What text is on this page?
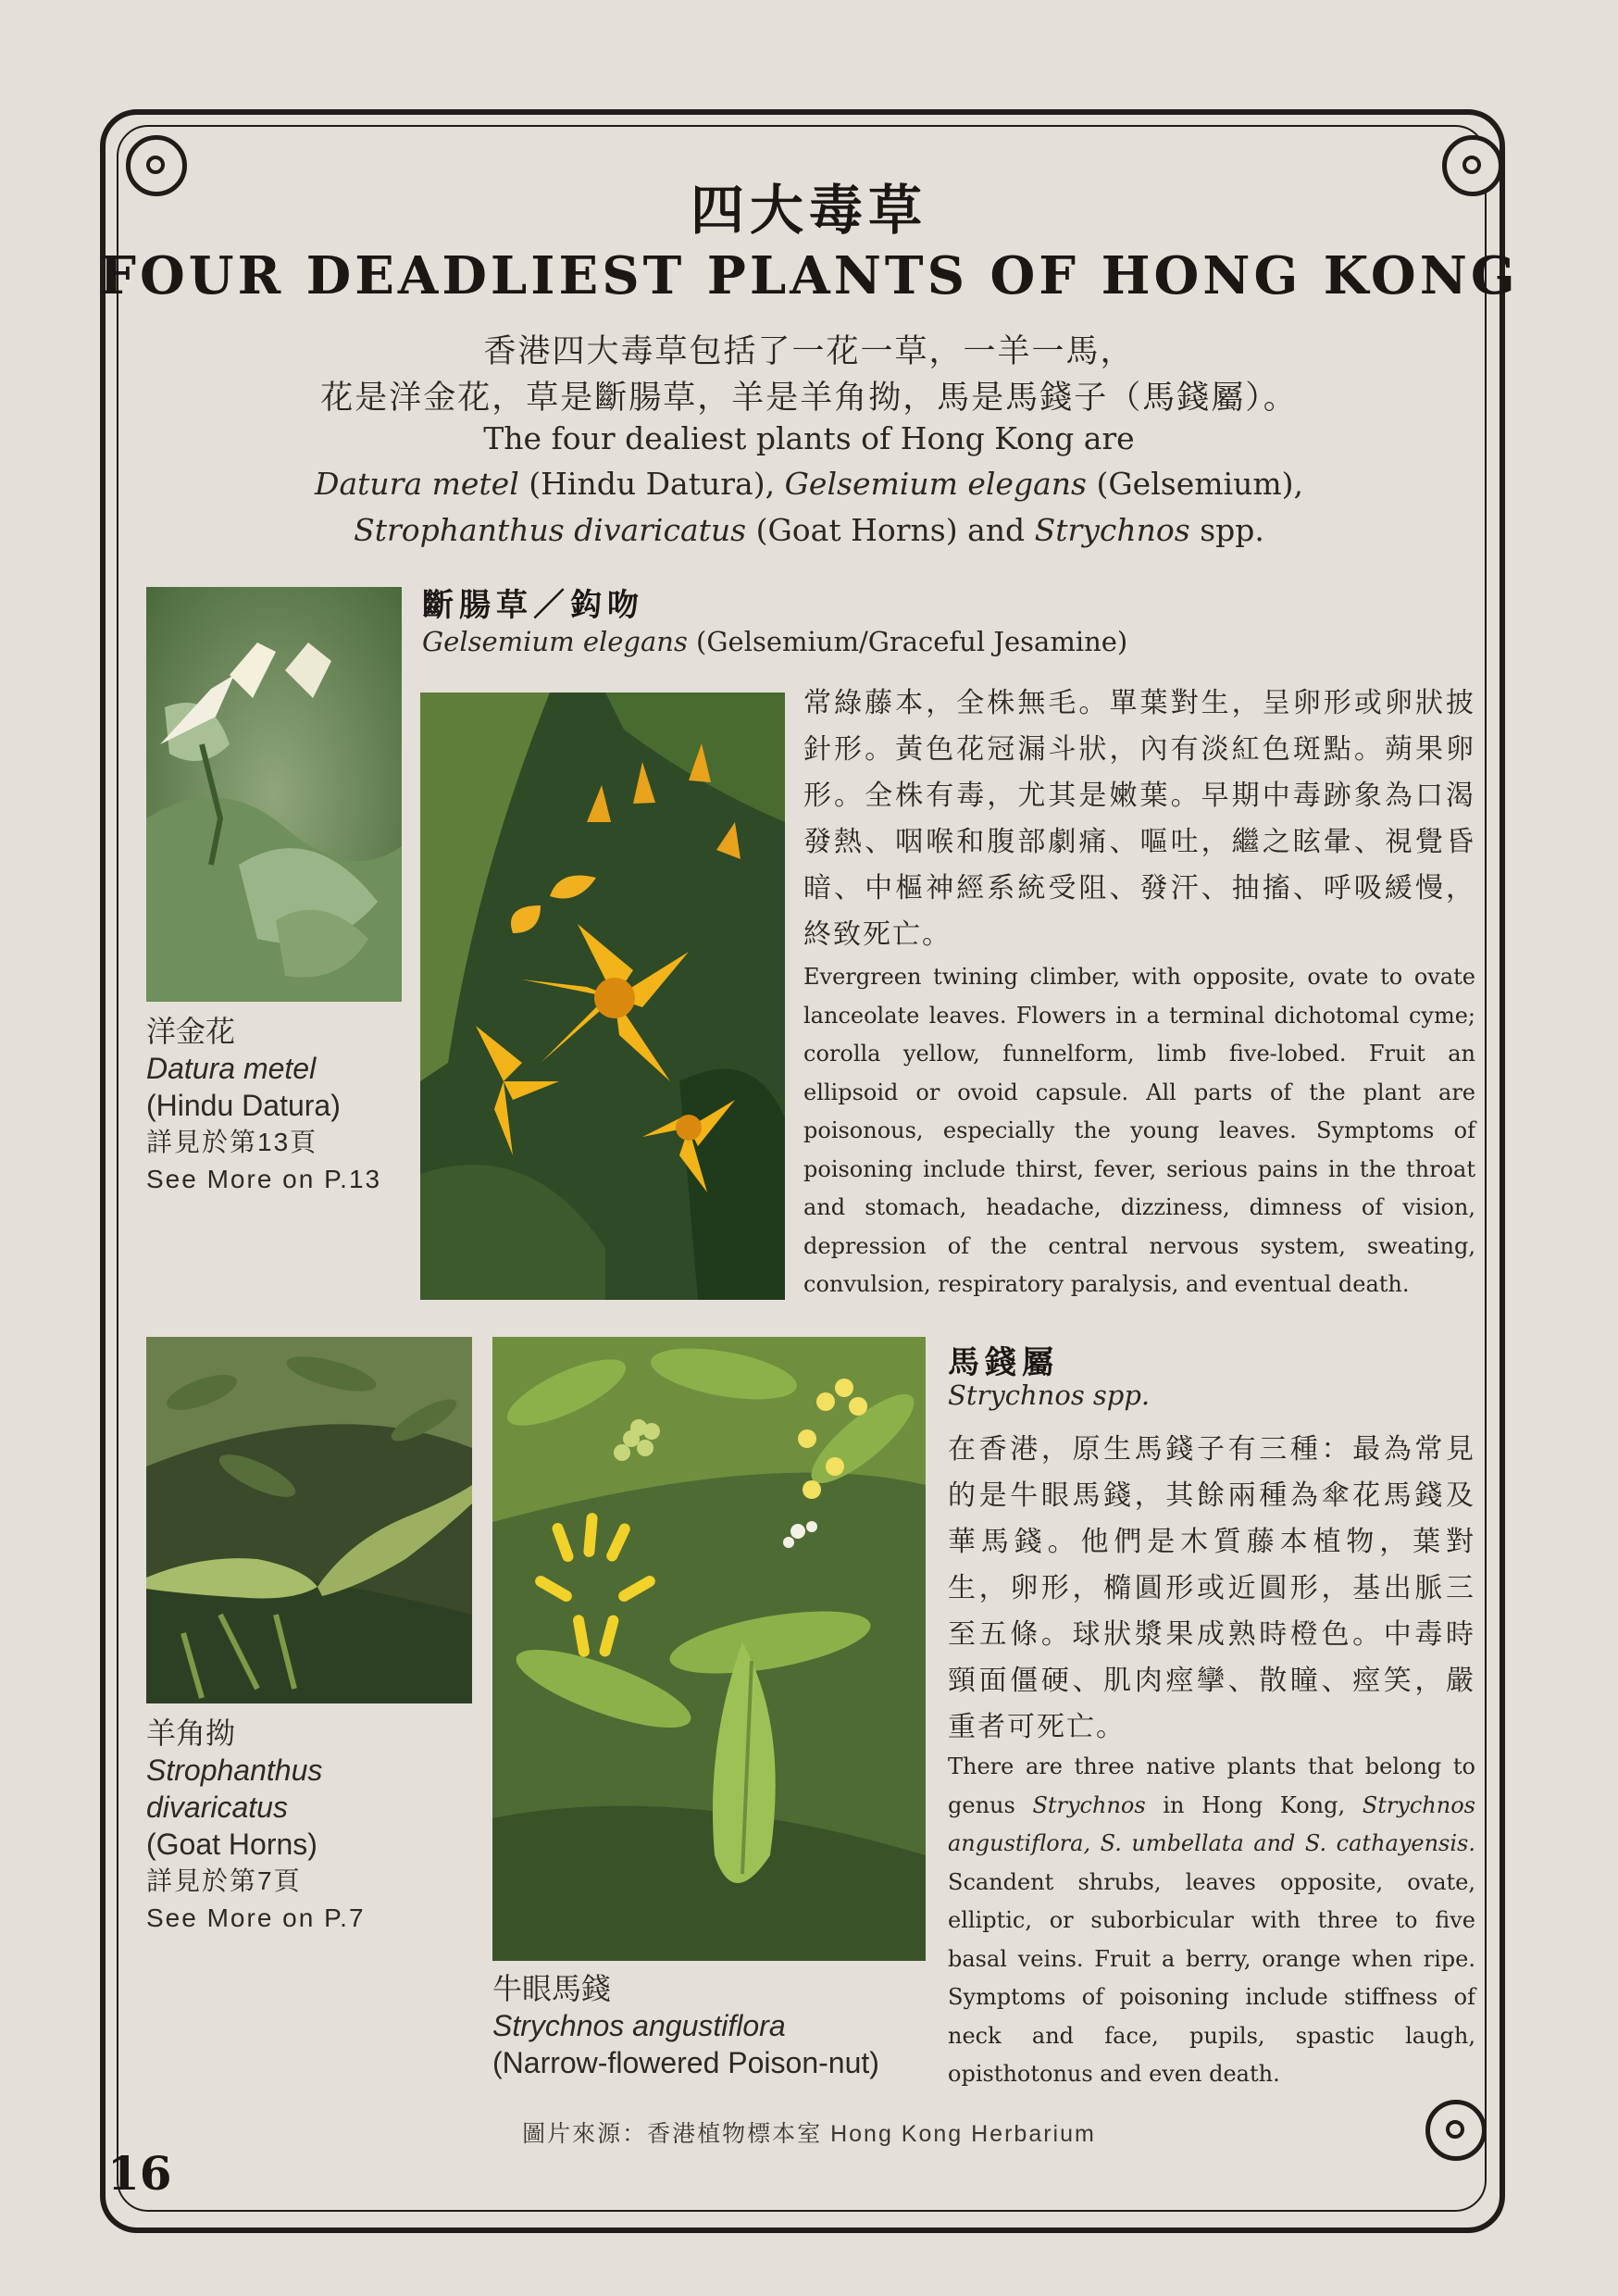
四大毒草
FOUR DEADLIEST PLANTS OF HONG KONG
香港四大毒草包括了一花一草，一羊一馬，
花是洋金花，草是斷腸草，羊是羊角拗，馬是馬錢子（馬錢屬）。
The four dealiest plants of Hong Kong are
Datura metel (Hindu Datura), Gelsemium elegans (Gelsemium),
Strophanthus divaricatus (Goat Horns) and Strychnos spp.
洋金花
Datura metel
(Hindu Datura)
詳見於第13頁
See More on P.13
斷腸草／鈎吻
Gelsemium elegans (Gelsemium/Graceful Jesamine)
常綠藤本，全株無毛。單葉對生，呈卵形或卵狀披針形。黃色花冠漏斗狀，內有淡紅色斑點。蒴果卵形。全株有毒，尤其是嫩葉。早期中毒跡象為口渴發熱、咽喉和腹部劇痛、嘔吐，繼之眩暈、視覺昏暗、中樞神經系統受阻、發汗、抽搐、呼吸緩慢，終致死亡。
Evergreen twining climber, with opposite, ovate to ovate lanceolate leaves. Flowers in a terminal dichotomal cyme; corolla yellow, funnelform, limb five-lobed. Fruit an ellipsoid or ovoid capsule. All parts of the plant are poisonous, especially the young leaves. Symptoms of poisoning include thirst, fever, serious pains in the throat and stomach, headache, dizziness, dimness of vision, depression of the central nervous system, sweating, convulsion, respiratory paralysis, and eventual death.
羊角拗
Strophanthus
divaricatus
(Goat Horns)
詳見於第7頁
See More on P.7
牛眼馬錢
Strychnos angustiflora
(Narrow-flowered Poison-nut)
馬錢屬
Strychnos spp.
在香港，原生馬錢子有三種：最為常見的是牛眼馬錢，其餘兩種為傘花馬錢及華馬錢。他們是木質藤本植物，葉對生，卵形，橢圓形或近圓形，基出脈三至五條。球狀漿果成熟時橙色。中毒時頸面僵硬、肌肉痙攣、散瞳、痙笑，嚴重者可死亡。
There are three native plants that belong to genus Strychnos in Hong Kong, Strychnos angustiflora, S. umbellata and S. cathayensis. Scandent shrubs, leaves opposite, ovate, elliptic, or suborbicular with three to five basal veins. Fruit a berry, orange when ripe. Symptoms of poisoning include stiffness of neck and face, pupils, spastic laugh, opisthotonus and even death.
圖片來源：香港植物標本室 Hong Kong Herbarium
16
